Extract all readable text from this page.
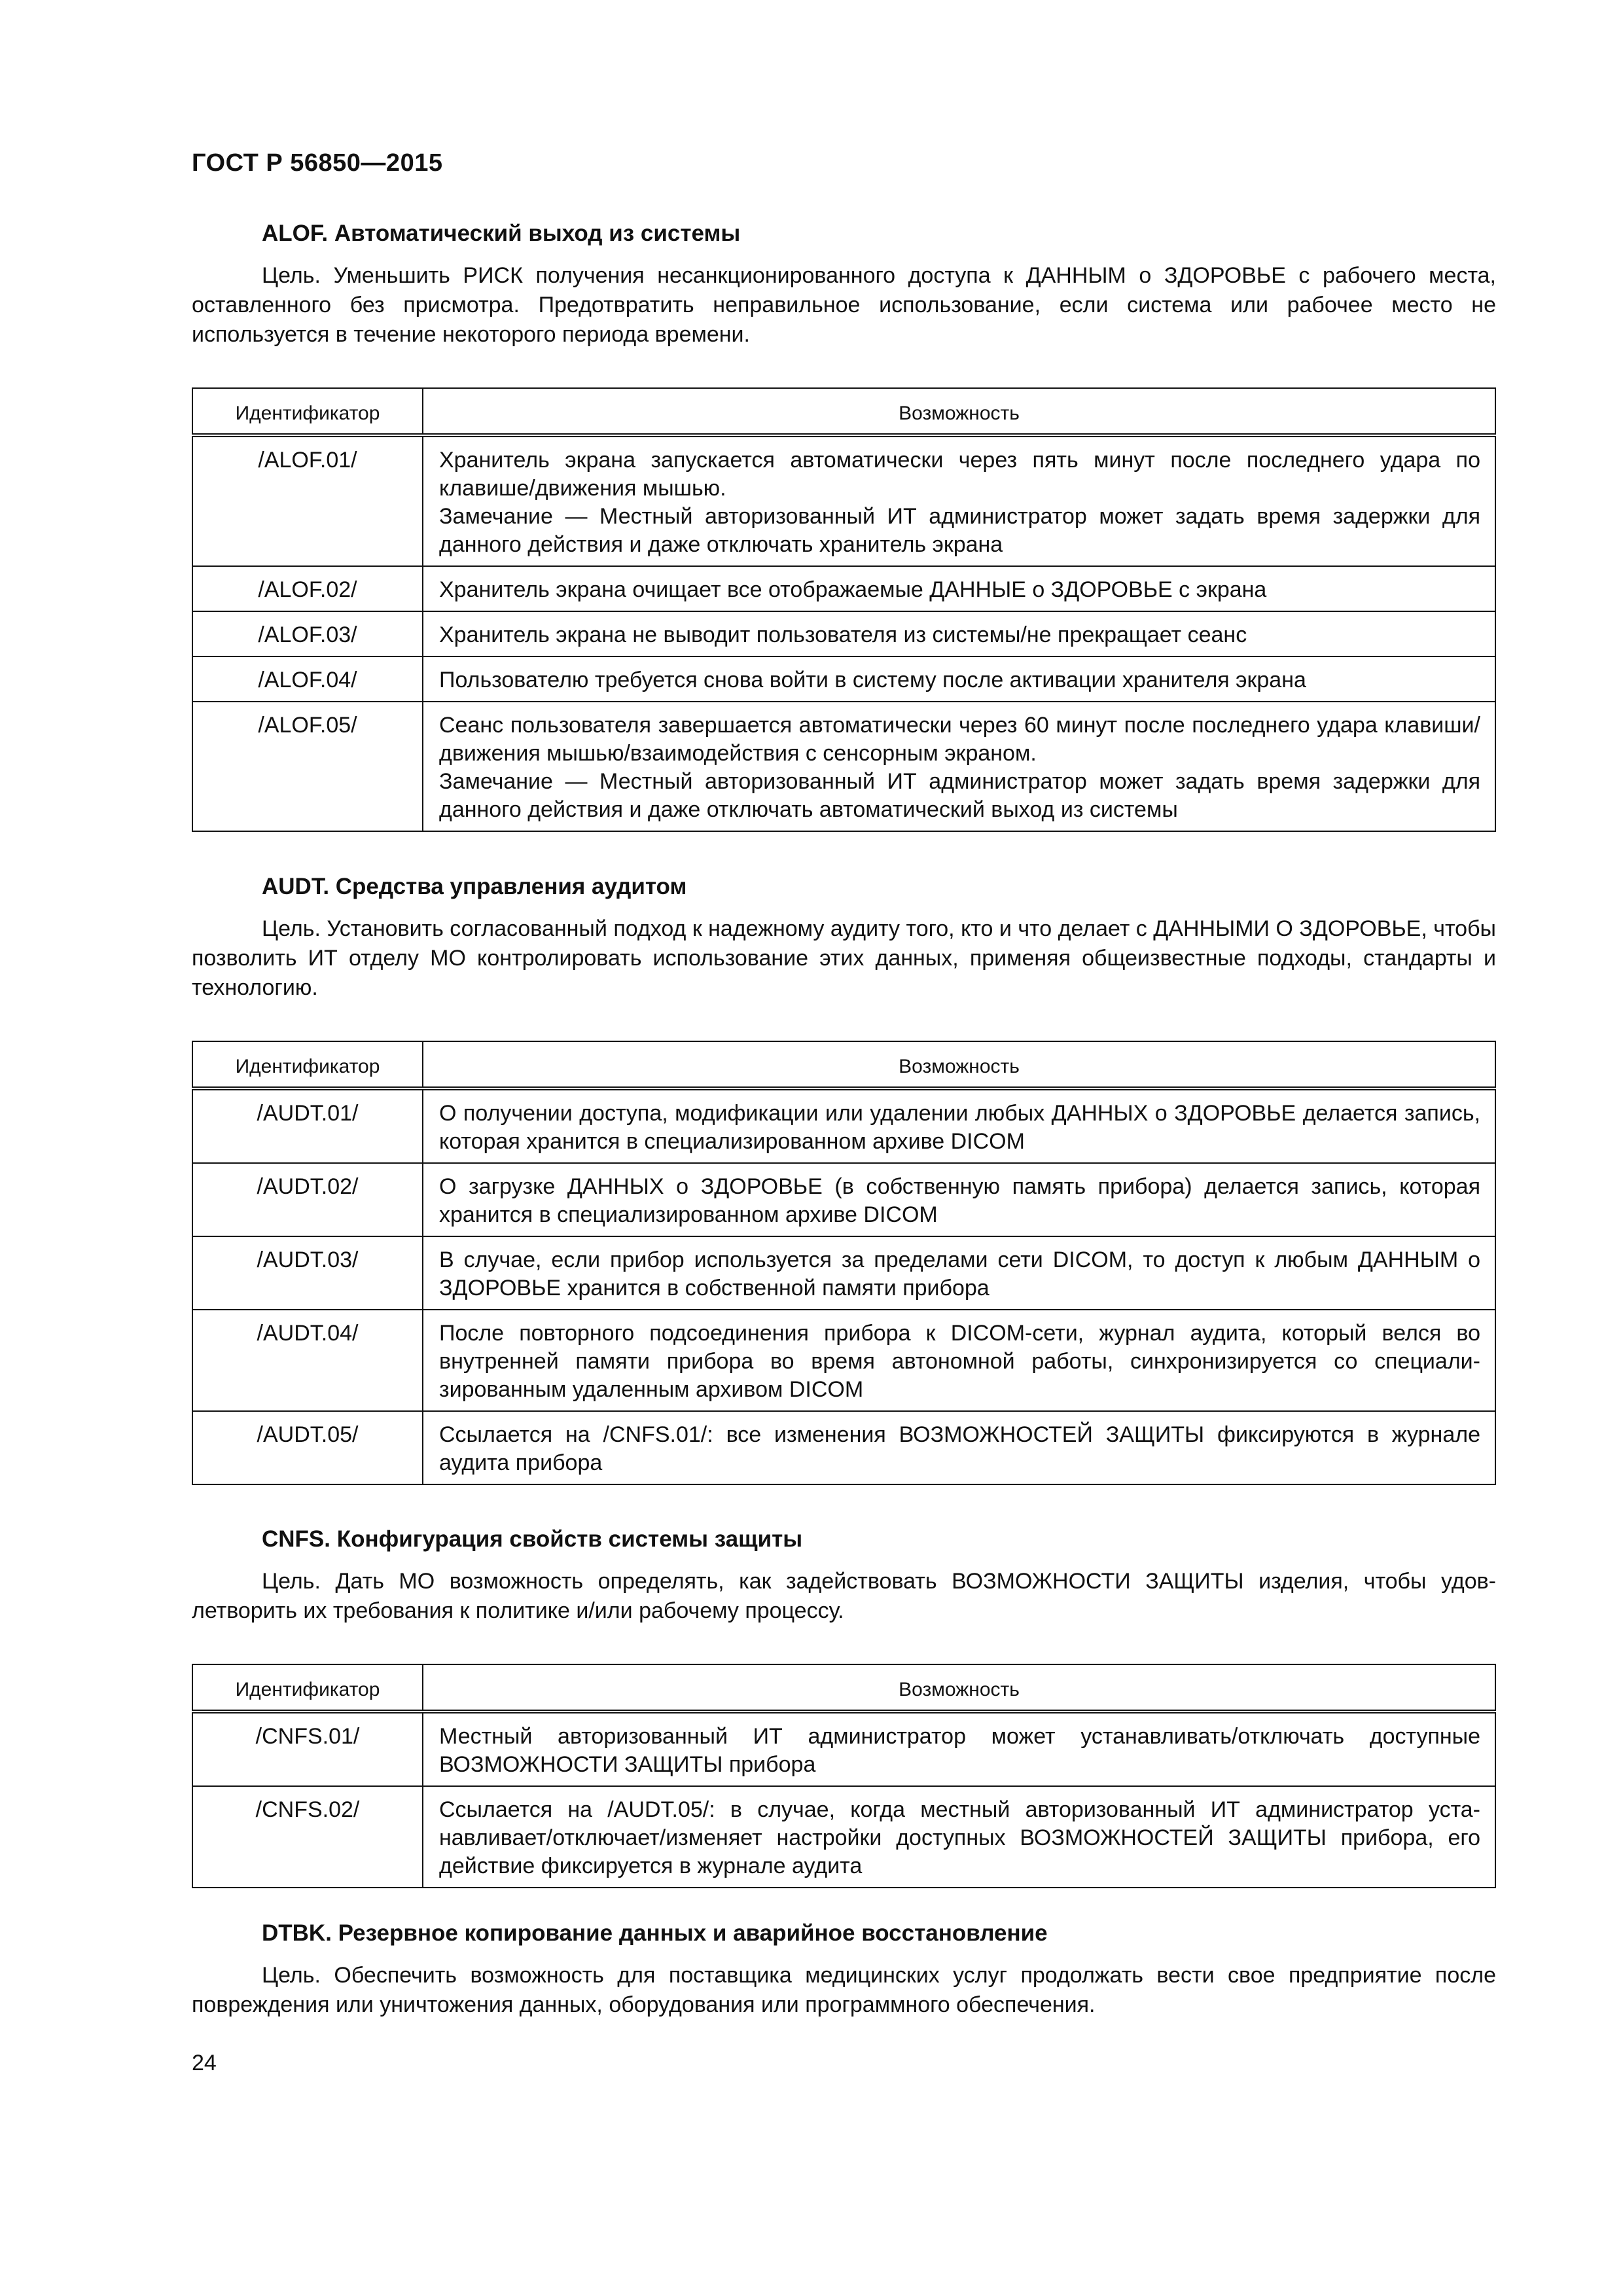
ГОСТ Р 56850—2015

ALOF. Автоматический выход из системы

Цель. Уменьшить РИСК получения несанкционированного доступа к ДАННЫМ о ЗДОРОВЬЕ с рабочего места, оставленного без присмотра. Предотвратить неправильное использование, если система или рабочее место не используется в течение некоторого периода времени.

Идентификатор	Возможность
/ALOF.01/	Хранитель экрана запускается автоматически через пять минут после последнего удара по клавише/движения мышью.
Замечание — Местный авторизованный ИТ администратор может задать время задержки для данного действия и даже отключать хранитель экрана

/ALOF.02/	Хранитель экрана очищает все отображаемые ДАННЫЕ о ЗДОРОВЬЕ с экрана

/ALOF.03/	Хранитель экрана не выводит пользователя из системы/не прекращает сеанс

/ALOF.04/	Пользователю требуется снова войти в систему после активации хранителя экрана

/ALOF.05/	Сеанс пользователя завершается автоматически через 60 минут после последнего удара клавиши/движения мышью/взаимодействия с сенсорным экраном.
Замечание — Местный авторизованный ИТ администратор может задать время задержки для данного действия и даже отключать автоматический выход из системы

AUDT. Средства управления аудитом

Цель. Установить согласованный подход к надежному аудиту того, кто и что делает с ДАННЫМИ О ЗДОРОВЬЕ, чтобы позволить ИТ отделу МО контролировать использование этих данных, применяя общеизвестные подходы, стандарты и технологию.

Идентификатор	Возможность
/AUDT.01/	О получении доступа, модификации или удалении любых ДАННЫХ о ЗДОРОВЬЕ делается запись, которая хранится в специализированном архиве DICOM

/AUDT.02/	О загрузке ДАННЫХ о ЗДОРОВЬЕ (в собственную память прибора) делается запись, которая хранится в специализированном архиве DICOM

/AUDT.03/	В случае, если прибор используется за пределами сети DICOM, то доступ к любым ДАННЫМ о ЗДОРОВЬЕ хранится в собственной памяти прибора

/AUDT.04/	После повторного подсоединения прибора к DICOM-сети, журнал аудита, который велся во внутренней памяти прибора во время автономной работы, синхронизируется со специализированным удаленным архивом DICOM

/AUDT.05/	Ссылается на /CNFS.01/: все изменения ВОЗМОЖНОСТЕЙ ЗАЩИТЫ фиксируются в журнале аудита прибора

CNFS. Конфигурация свойств системы защиты

Цель. Дать МО возможность определять, как задействовать ВОЗМОЖНОСТИ ЗАЩИТЫ изделия, чтобы удовлетворить их требования к политике и/или рабочему процессу.

Идентификатор	Возможность
/CNFS.01/	Местный авторизованный ИТ администратор может устанавливать/отключать доступные ВОЗМОЖНОСТИ ЗАЩИТЫ прибора

/CNFS.02/	Ссылается на /AUDT.05/: в случае, когда местный авторизованный ИТ администратор устанавливает/отключает/изменяет настройки доступных ВОЗМОЖНОСТЕЙ ЗАЩИТЫ прибора, его действие фиксируется в журнале аудита

DTBK. Резервное копирование данных и аварийное восстановление

Цель. Обеспечить возможность для поставщика медицинских услуг продолжать вести свое предприятие после повреждения или уничтожения данных, оборудования или программного обеспечения.

24
